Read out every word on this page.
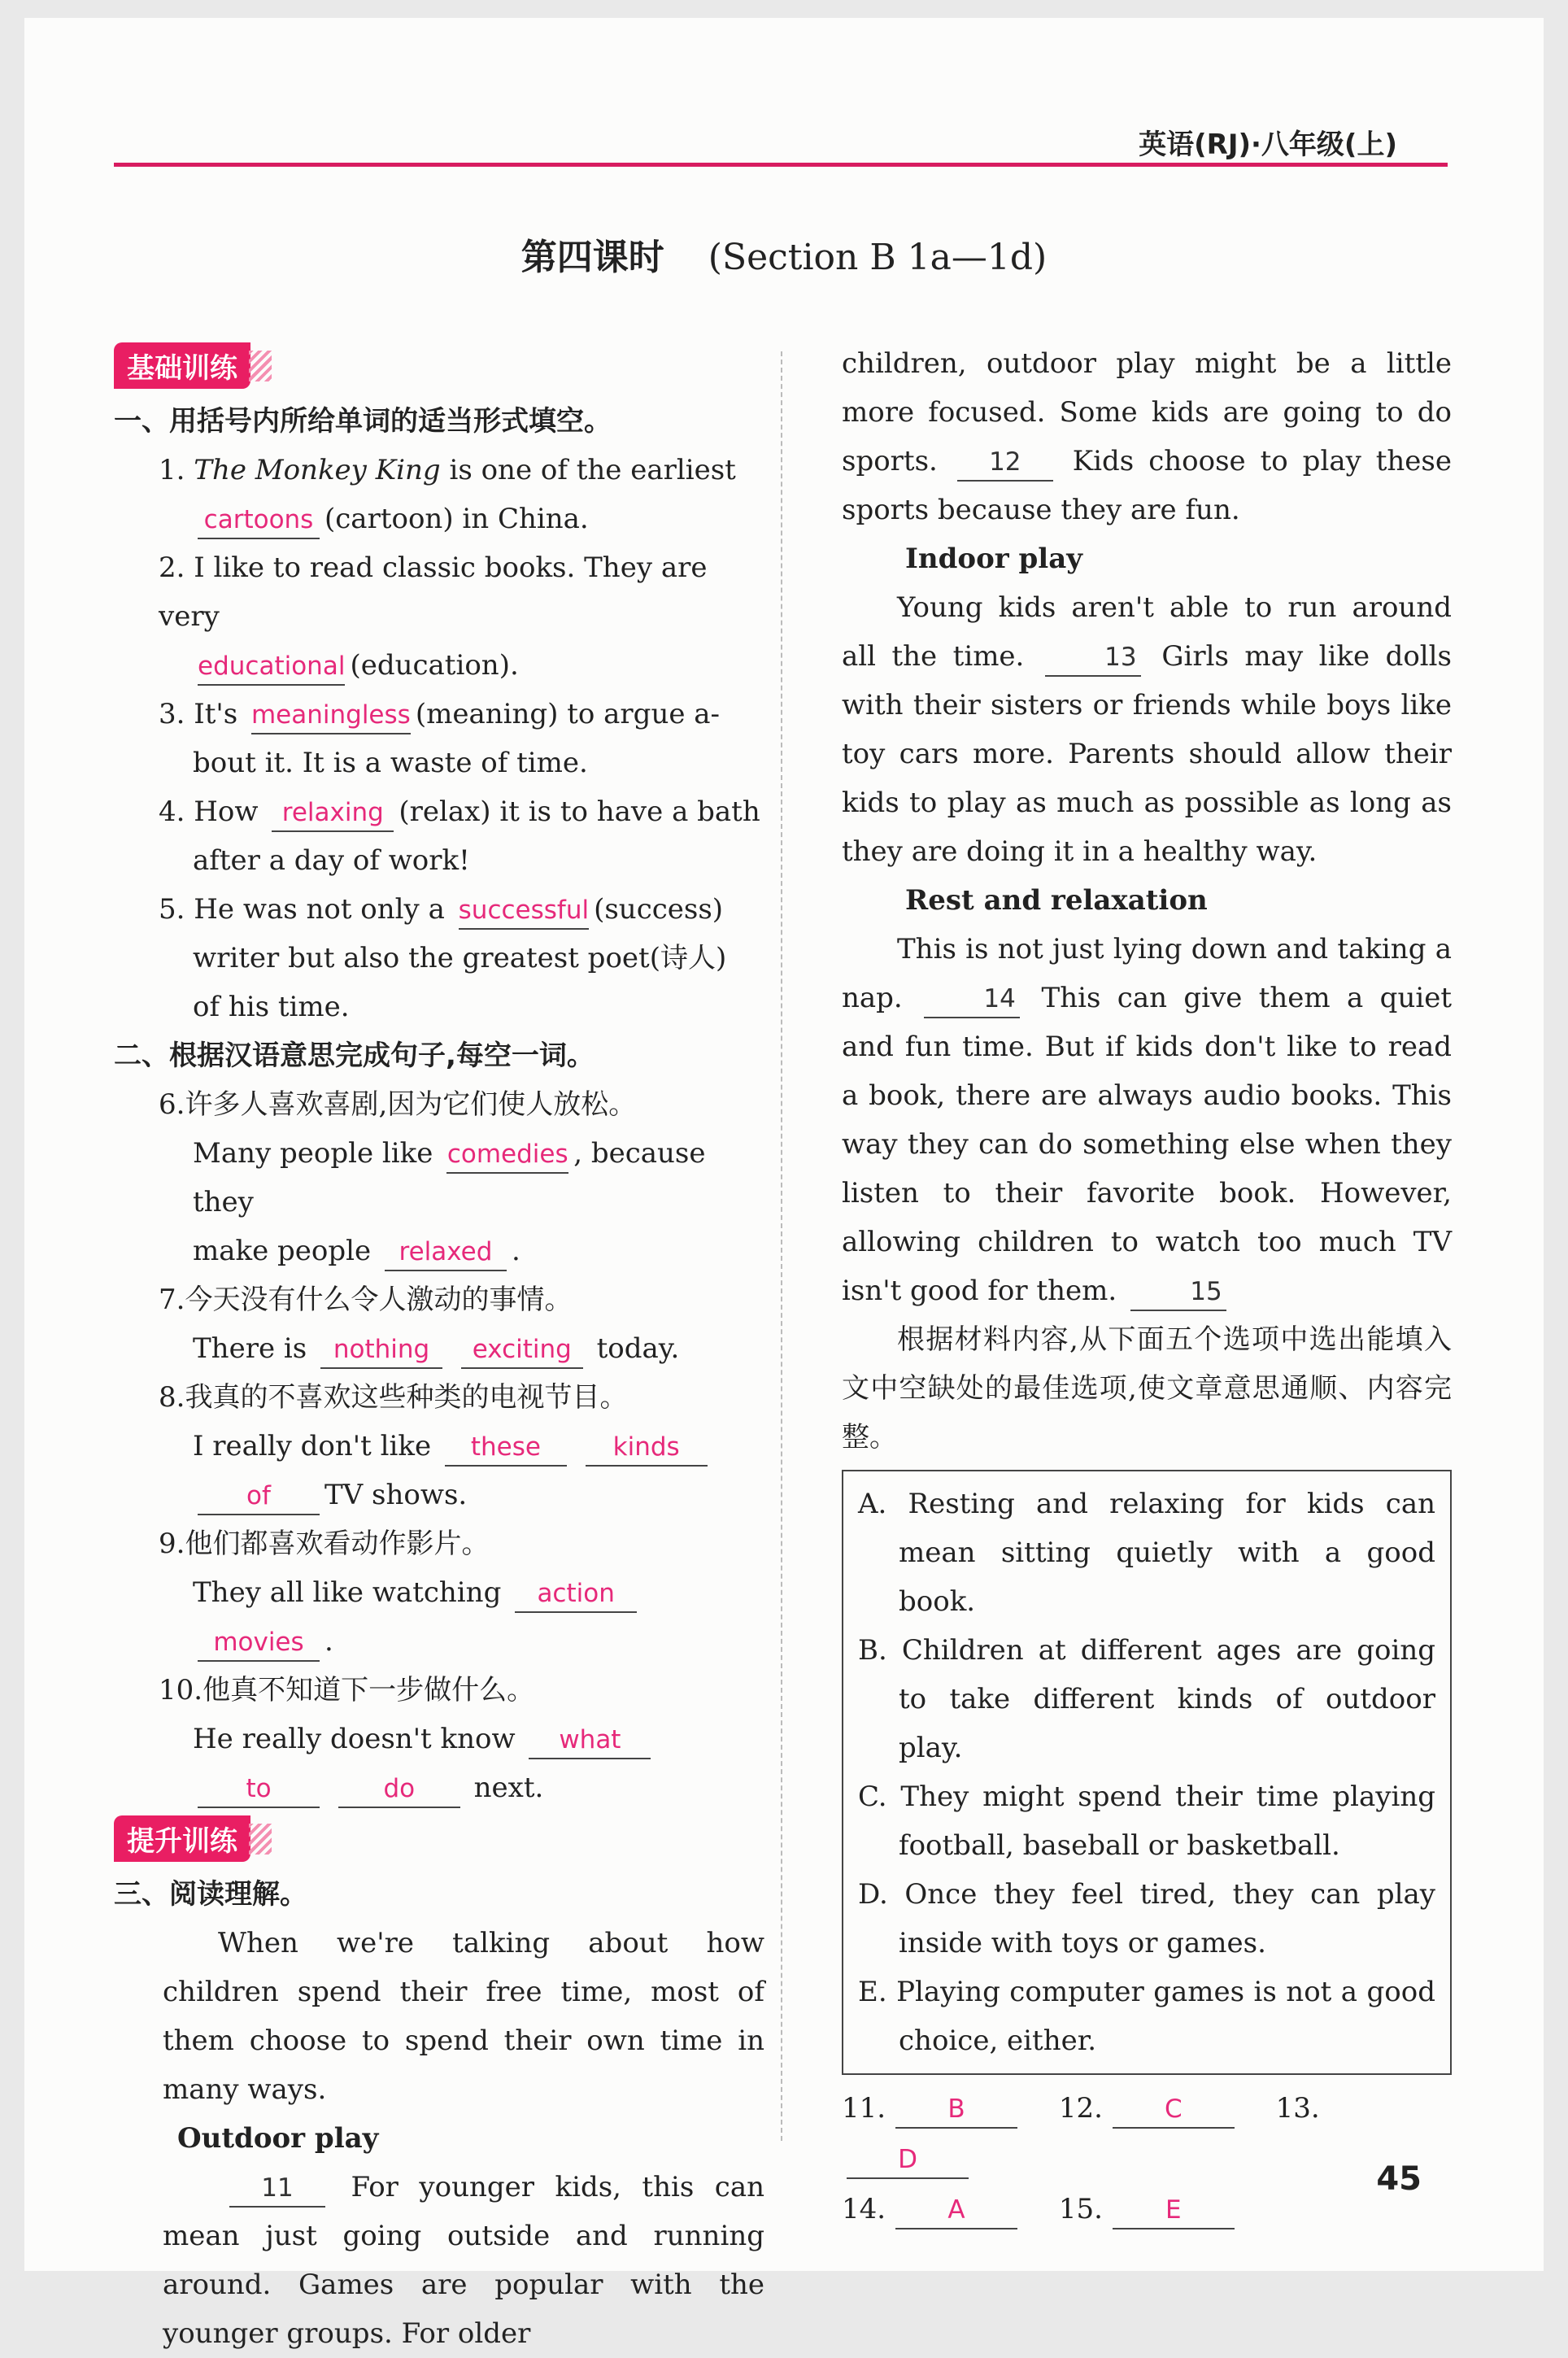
英语(RJ)·八年级(上)
第四课时 (Section B 1a—1d)
基础训练
一、用括号内所给单词的适当形式填空。
1. The Monkey King is one of the earliest
cartoons (cartoon) in China.
2. I like to read classic books. They are very
educational (education).
3. It's meaningless (meaning) to argue a-
bout it. It is a waste of time.
4. How relaxing (relax) it is to have a bath
after a day of work!
5. He was not only a successful (success)
writer but also the greatest poet(诗人)
of his time.
二、根据汉语意思完成句子,每空一词。
6.许多人喜欢喜剧,因为它们使人放松。
Many people like comedies , because they
make people relaxed .
7.今天没有什么令人激动的事情。
There is nothing exciting today.
8.我真的不喜欢这些种类的电视节目。
I really don't like these	kinds
of TV shows.
9.他们都喜欢看动作影片。
They all like watching action movies .
10.他真不知道下一步做什么。
He really doesn't know what
to	do next.
提升训练
三、阅读理解。
When we're talking about how children spend their free time, most of them choose to spend their own time in many ways.
Outdoor play
11 For younger kids, this can mean just going outside and running around. Games are popular with the younger groups. For older
children, outdoor play might be a little more focused. Some kids are going to do sports. 12 Kids choose to play these sports because they are fun.
Indoor play
Young kids aren't able to run around all the time.	13 Girls may like dolls with their sisters or friends while boys like toy cars more. Parents should allow their kids to play as much as possible as long as they are doing it in a healthy way.
Rest and relaxation
This is not just lying down and taking a nap.	14 This can give them a quiet and fun time. But if kids don't like to read a book, there are always audio books. This way they can do something else when they listen to their favorite book. However, allowing children to watch too much TV isn't good for them.	15
根据材料内容,从下面五个选项中选出能填入文中空缺处的最佳选项,使文章意思通顺、内容完整。
A. Resting and relaxing for kids can mean sitting quietly with a good book.
B. Children at different ages are going to take different kinds of outdoor play.
C. They might spend their time playing football, baseball or basketball.
D. Once they feel tired, they can play inside with toys or games.
E. Playing computer games is not a good choice, either.
11. B	12. C	13.D
14. A	15. E
45
